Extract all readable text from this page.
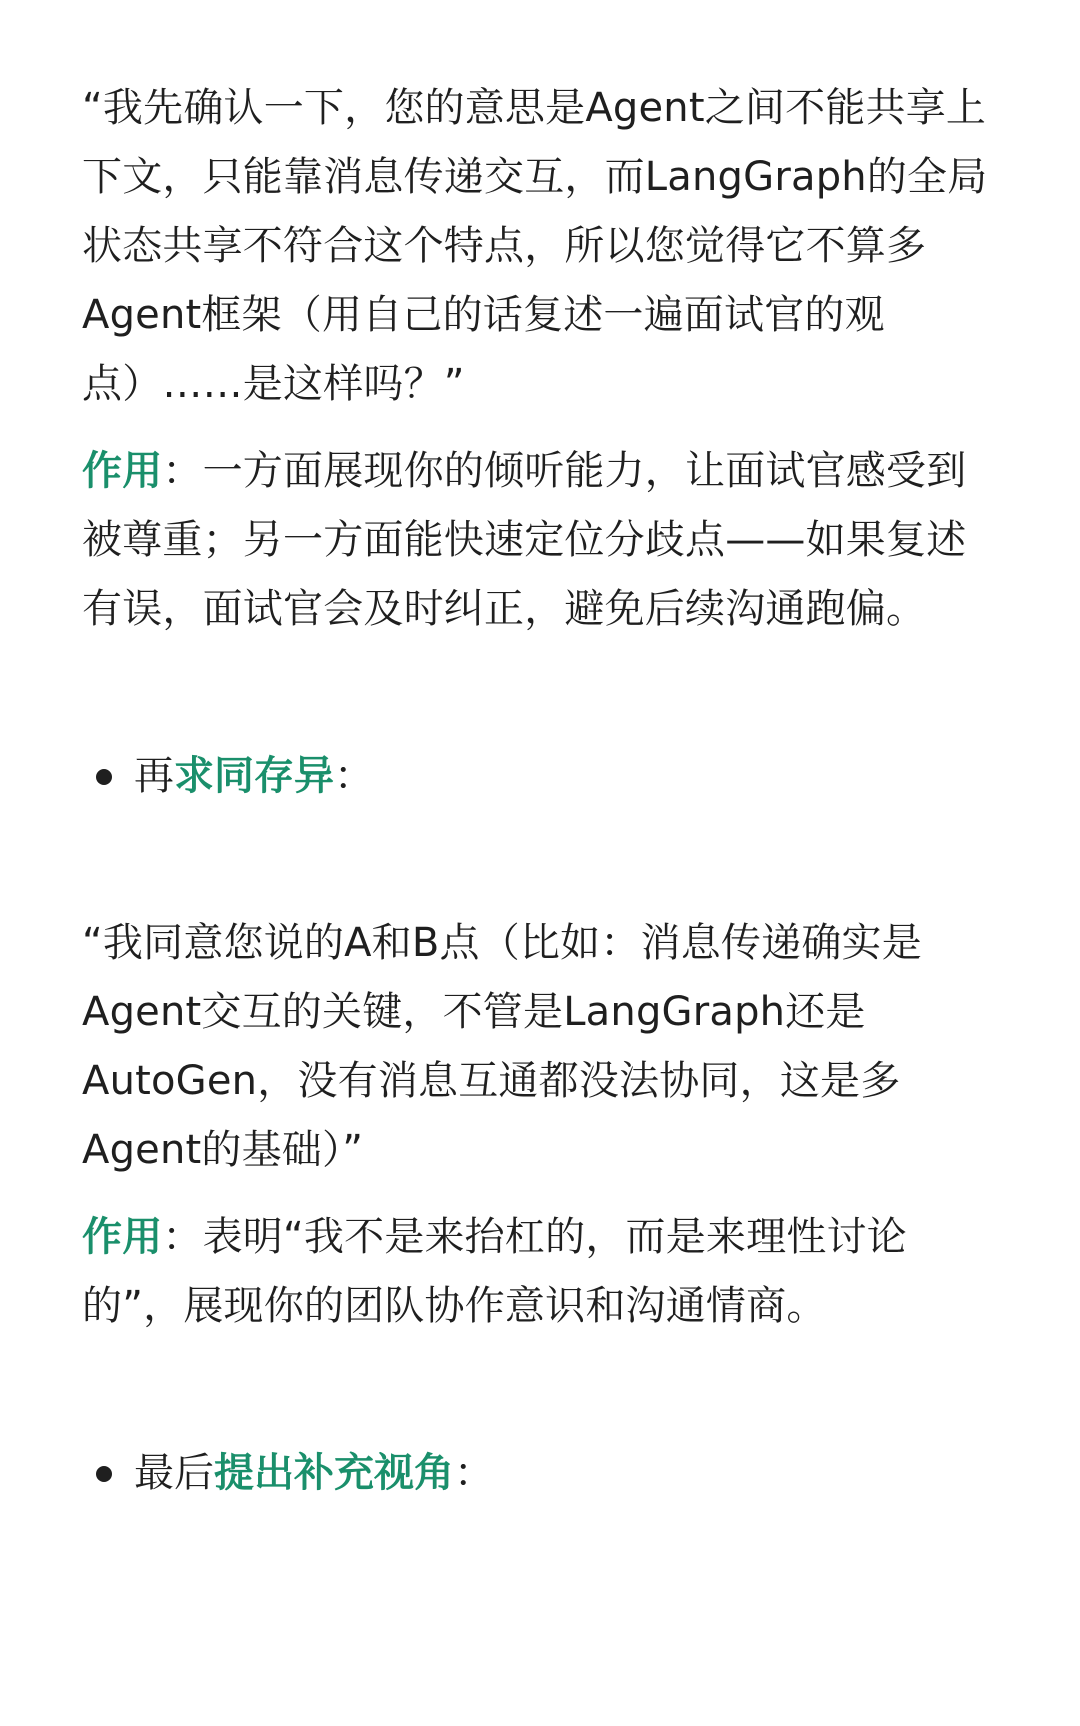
“我先确认一下，您的意思是Agent之间不能共享上下文，只能靠消息传递交互，而LangGraph的全局状态共享不符合这个特点，所以您觉得它不算多Agent框架（用自己的话复述一遍面试官的观点）……是这样吗？”

作用：一方面展现你的倾听能力，让面试官感受到被尊重；另一方面能快速定位分歧点——如果复述有误，面试官会及时纠正，避免后续沟通跑偏。

再 求同存异 ：

“我同意您说的A和B点（比如：消息传递确实是Agent交互的关键，不管是LangGraph还是AutoGen，没有消息互通都没法协同，这是多Agent的基础）”

作用：表明“我不是来抬杠的，而是来理性讨论的”，展现你的团队协作意识和沟通情商。

最后 提出补充视角 ：
